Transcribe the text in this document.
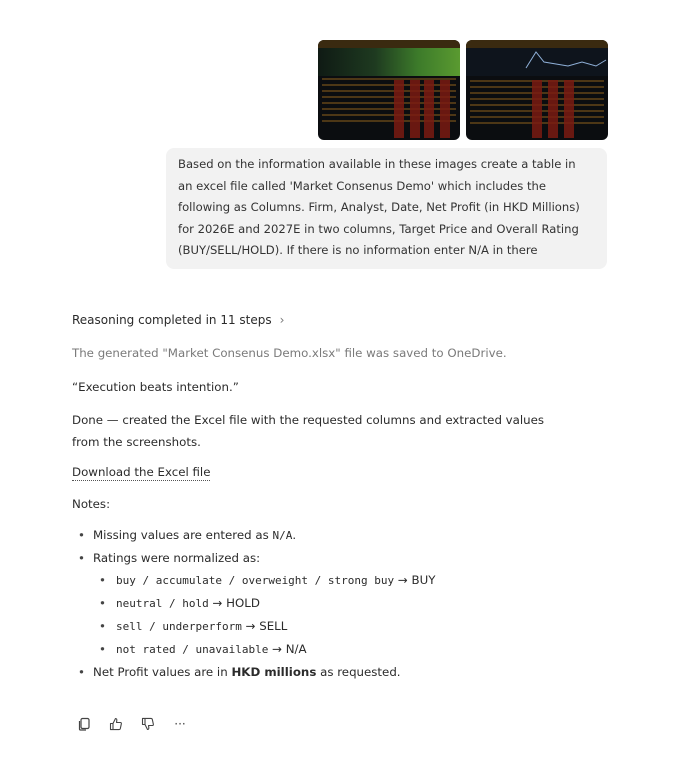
Based on the information available in these images create a table in an excel file called 'Market Consenus Demo' which includes the following as Columns. Firm, Analyst, Date, Net Profit (in HKD Millions) for 2026E and 2027E in two columns, Target Price and Overall Rating (BUY/SELL/HOLD). If there is no information enter N/A in there

Reasoning completed in 11 steps ›
The generated "Market Consenus Demo.xlsx" file was saved to OneDrive.
“Execution beats intention.”

Done — created the Excel file with the requested columns and extracted values from the screenshots.

Download the Excel file
Notes:
• Missing values are entered as N/A.
• Ratings were normalized as:
• buy / accumulate / overweight / strong buy → BUY
• neutral / hold → HOLD
• sell / underperform → SELL
• not rated / unavailable → N/A
• Net Profit values are in HKD millions as requested.
···
